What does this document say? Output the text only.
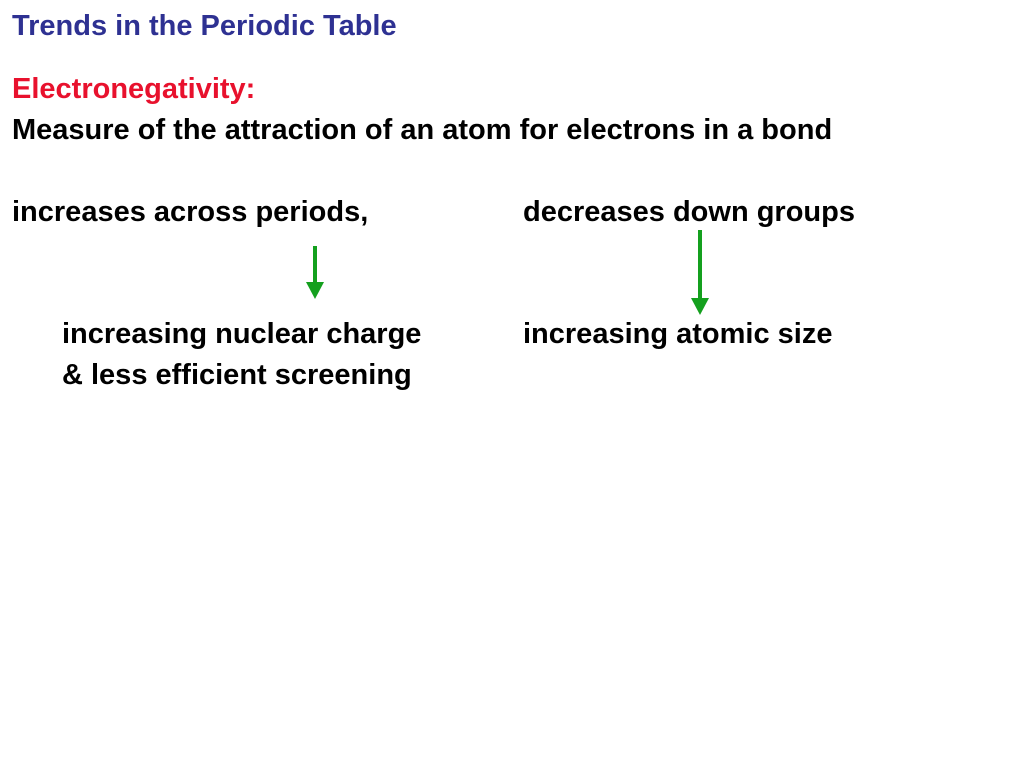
Trends in the Periodic Table
Electronegativity:
Measure of the attraction of an atom for electrons in a bond
increases across periods,	decreases down groups
increasing nuclear charge
& less efficient screening
increasing atomic size
